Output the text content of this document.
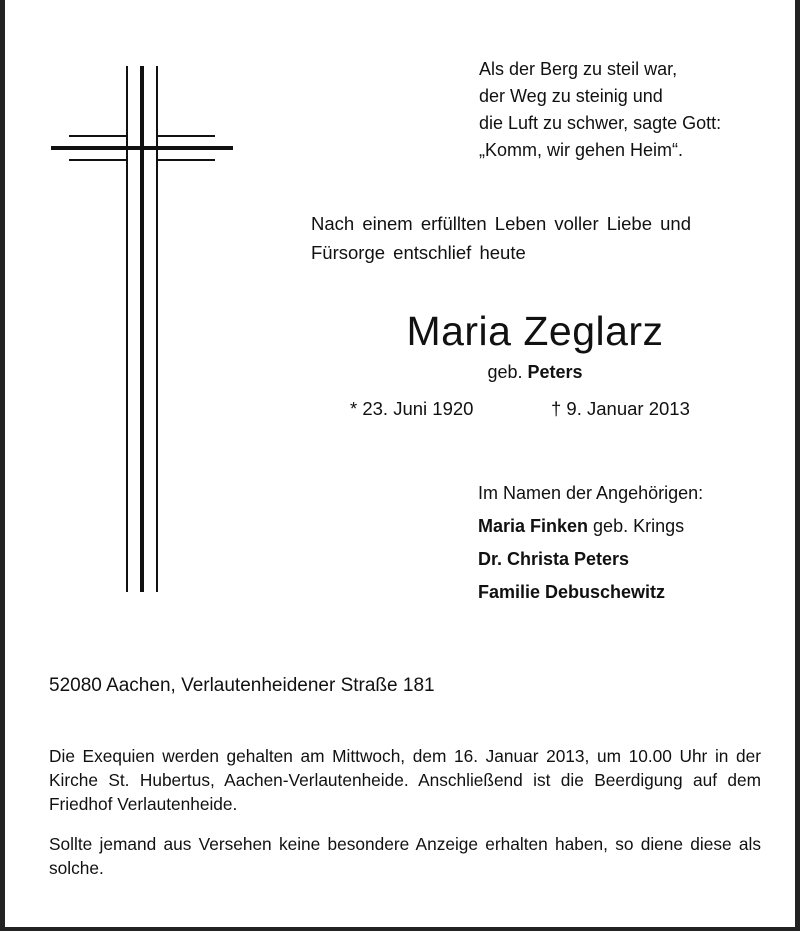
Als der Berg zu steil war,
der Weg zu steinig und
die Luft zu schwer, sagte Gott:
„Komm, wir gehen Heim“.
Nach einem erfüllten Leben voller Liebe und
Fürsorge entschlief heute
Maria Zeglarz
geb. Peters
* 23. Juni 1920	† 9. Januar 2013
Im Namen der Angehörigen:
Maria Finken geb. Krings
Dr. Christa Peters
Familie Debuschewitz
52080 Aachen, Verlautenheidener Straße 181
Die Exequien werden gehalten am Mittwoch, dem 16. Januar 2013, um 10.00 Uhr in der Kirche St. Hubertus, Aachen-Verlautenheide. Anschließend ist die Beerdigung auf dem Friedhof Verlautenheide.
Sollte jemand aus Versehen keine besondere Anzeige erhalten haben, so diene diese als solche.
